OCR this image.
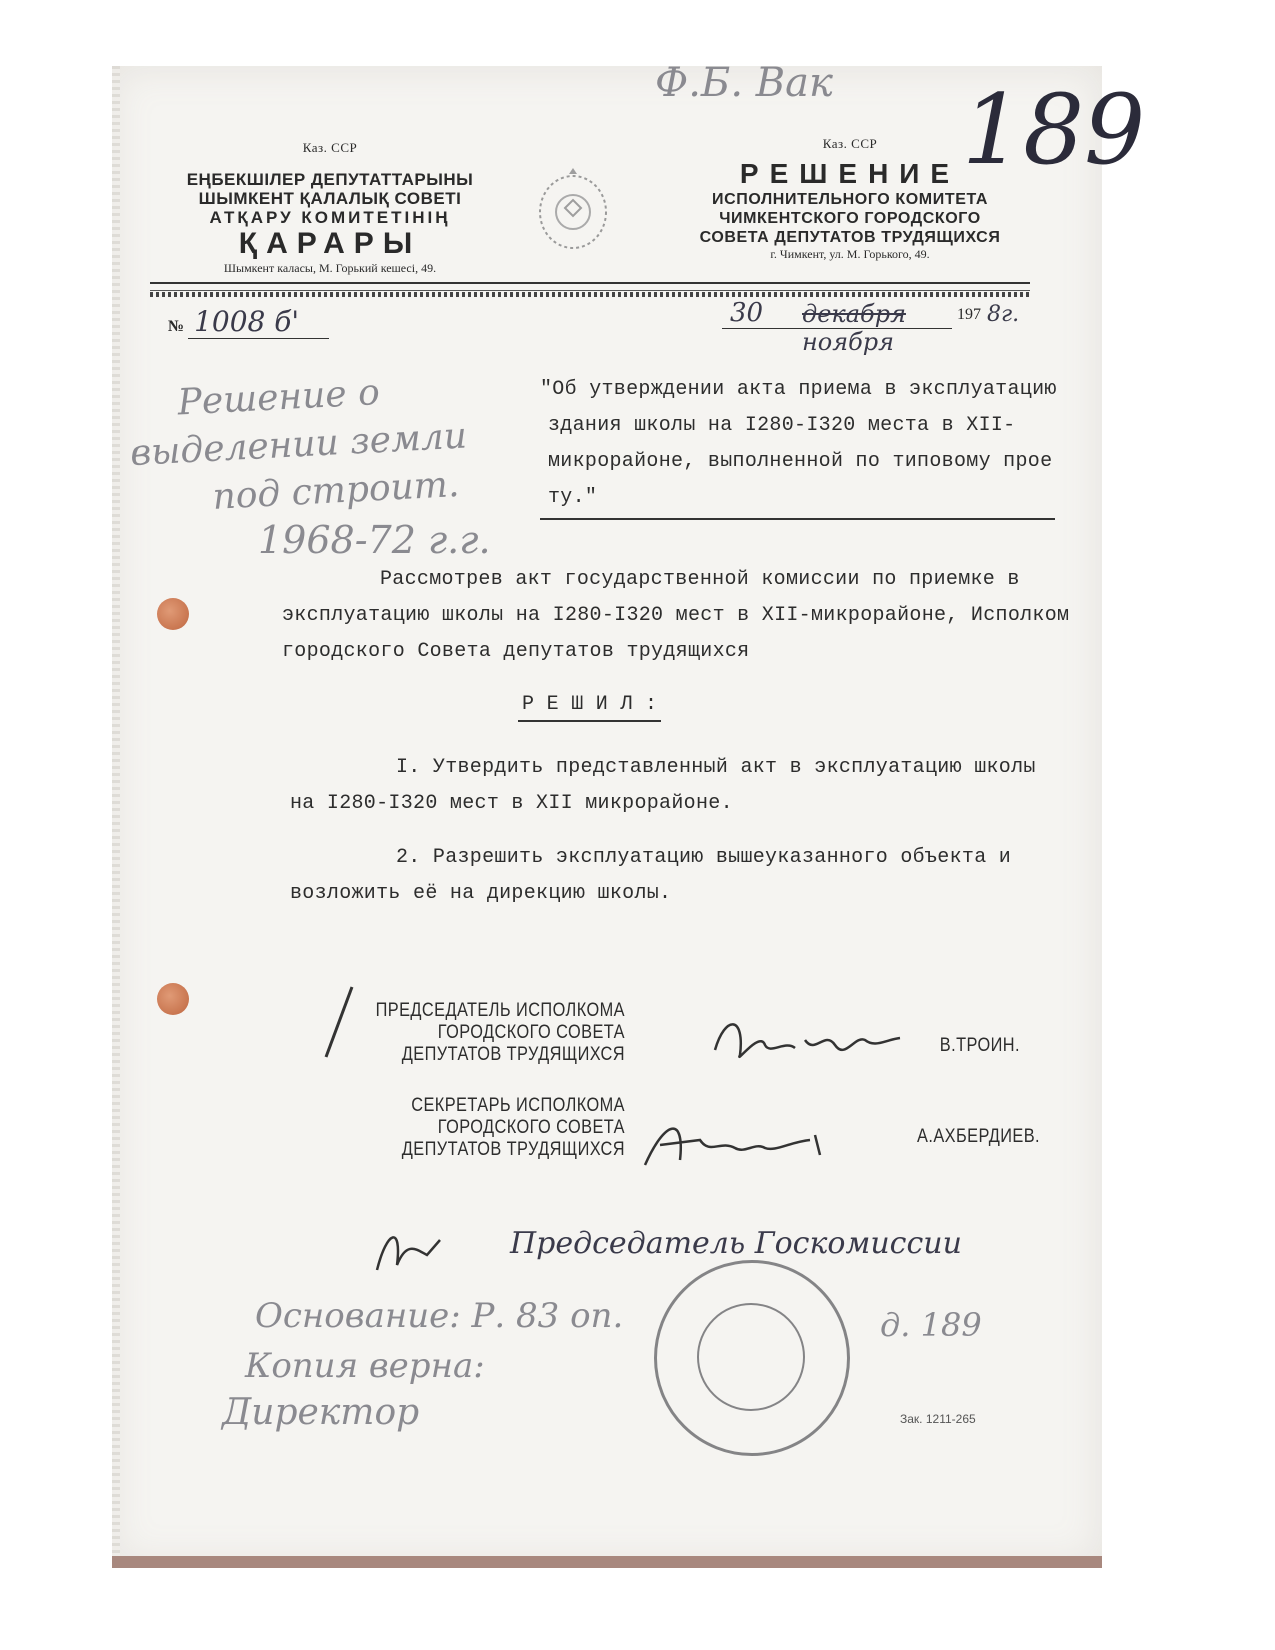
Ф.Б. Вак 189
Каз. ССР
ЕҢБЕКШІЛЕР ДЕПУТАТТАРЫНЫ
ШЫМКЕНТ ҚАЛАЛЫҚ СОВЕТІ
АТҚАРУ КОМИТЕТІНІҢ
ҚАРАРЫ
Шымкент каласы, М. Горький кешесі, 49.
Каз. ССР
РЕШЕНИЕ
ИСПОЛНИТЕЛЬНОГО КОМИТЕТА
ЧИМКЕНТСКОГО ГОРОДСКОГО
СОВЕТА ДЕПУТАТОВ ТРУДЯЩИХСЯ
г. Чимкент, ул. М. Горького, 49.
№ 1008 б'	30 декабря
ноября
197 8г.
Решение о
выделении земли
под строит.
1968-72 г.г.
"Об утверждении акта приема в эксплуатацию
здания школы на I280-I320 места в XII-
микрорайоне, выполненной по типовому прое
ту."
Рассмотрев акт государственной комиссии по приемке в
эксплуатацию школы на I280-I320 мест в XII-микрорайоне, Исполком
городского Совета депутатов трудящихся
Р Е Ш И Л :
I. Утвердить представленный акт в эксплуатацию школы
на I280-I320 мест в XII микрорайоне.
2. Разрешить эксплуатацию вышеуказанного объекта и
возложить её на дирекцию школы.
ПРЕДСЕДАТЕЛЬ ИСПОЛКОМА
ГОРОДСКОГО СОВЕТА
ДЕПУТАТОВ ТРУДЯЩИХСЯ	В.ТРОИН.
СЕКРЕТАРЬ ИСПОЛКОМА
ГОРОДСКОГО СОВЕТА
ДЕПУТАТОВ ТРУДЯЩИХСЯ
А.АХБЕРДИЕВ.
Председатель Госкомиссии
Основание: Р. 83 оп.	д. 189
Копия верна:
Директор	Зак. 1211-265
